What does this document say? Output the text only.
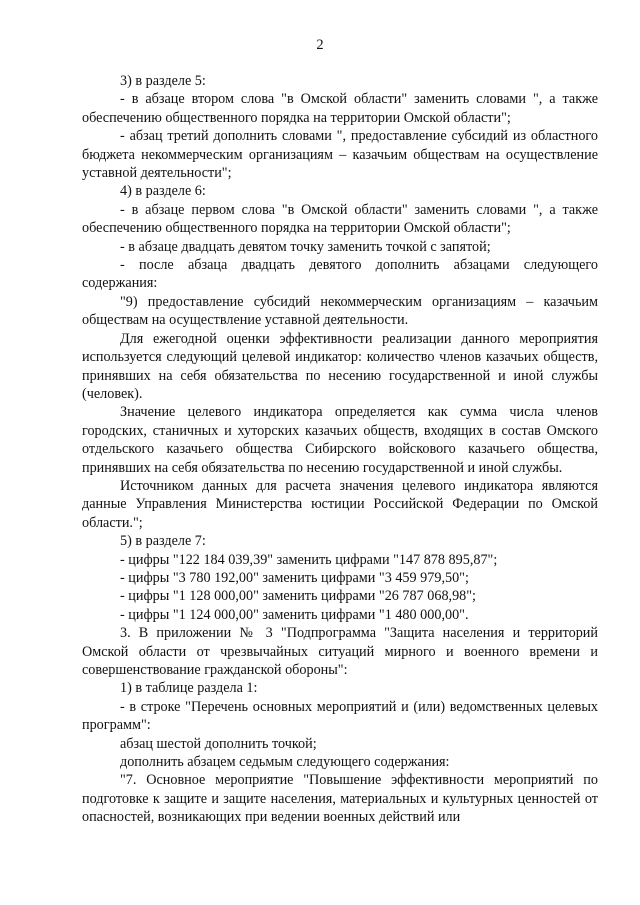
2

3) в разделе 5:

- в абзаце втором слова "в Омской области" заменить словами ", а также обеспечению общественного порядка на территории Омской области";

- абзац третий дополнить словами ", предоставление субсидий из областного бюджета некоммерческим организациям – казачьим обществам на осуществление уставной деятельности";

4) в разделе 6:

- в абзаце первом слова "в Омской области" заменить словами ", а также обеспечению общественного порядка на территории Омской области";

- в абзаце двадцать девятом точку заменить точкой с запятой;

- после абзаца двадцать девятого дополнить абзацами следующего содержания:

"9) предоставление субсидий некоммерческим организациям – казачьим обществам на осуществление уставной деятельности.

Для ежегодной оценки эффективности реализации данного мероприятия используется следующий целевой индикатор: количество членов казачьих обществ, принявших на себя обязательства по несению государственной и иной службы (человек).

Значение целевого индикатора определяется как сумма числа членов городских, станичных и хуторских казачьих обществ, входящих в состав Омского отдельского казачьего общества Сибирского войскового казачьего общества, принявших на себя обязательства по несению государственной и иной службы.

Источником данных для расчета значения целевого индикатора являются данные Управления Министерства юстиции Российской Федерации по Омской области.";

5) в разделе 7:

- цифры "122 184 039,39" заменить цифрами "147 878 895,87";

- цифры "3 780 192,00" заменить цифрами "3 459 979,50";

- цифры "1 128 000,00" заменить цифрами "26 787 068,98";

- цифры "1 124 000,00" заменить цифрами "1 480 000,00".

3. В приложении № 3 "Подпрограмма "Защита населения и территорий Омской области от чрезвычайных ситуаций мирного и военного времени и совершенствование гражданской обороны":

1) в таблице раздела 1:

- в строке "Перечень основных мероприятий и (или) ведомственных целевых программ":

абзац шестой дополнить точкой;

дополнить абзацем седьмым следующего содержания:

"7. Основное мероприятие "Повышение эффективности мероприятий по подготовке к защите и защите населения, материальных и культурных ценностей от опасностей, возникающих при ведении военных действий или
